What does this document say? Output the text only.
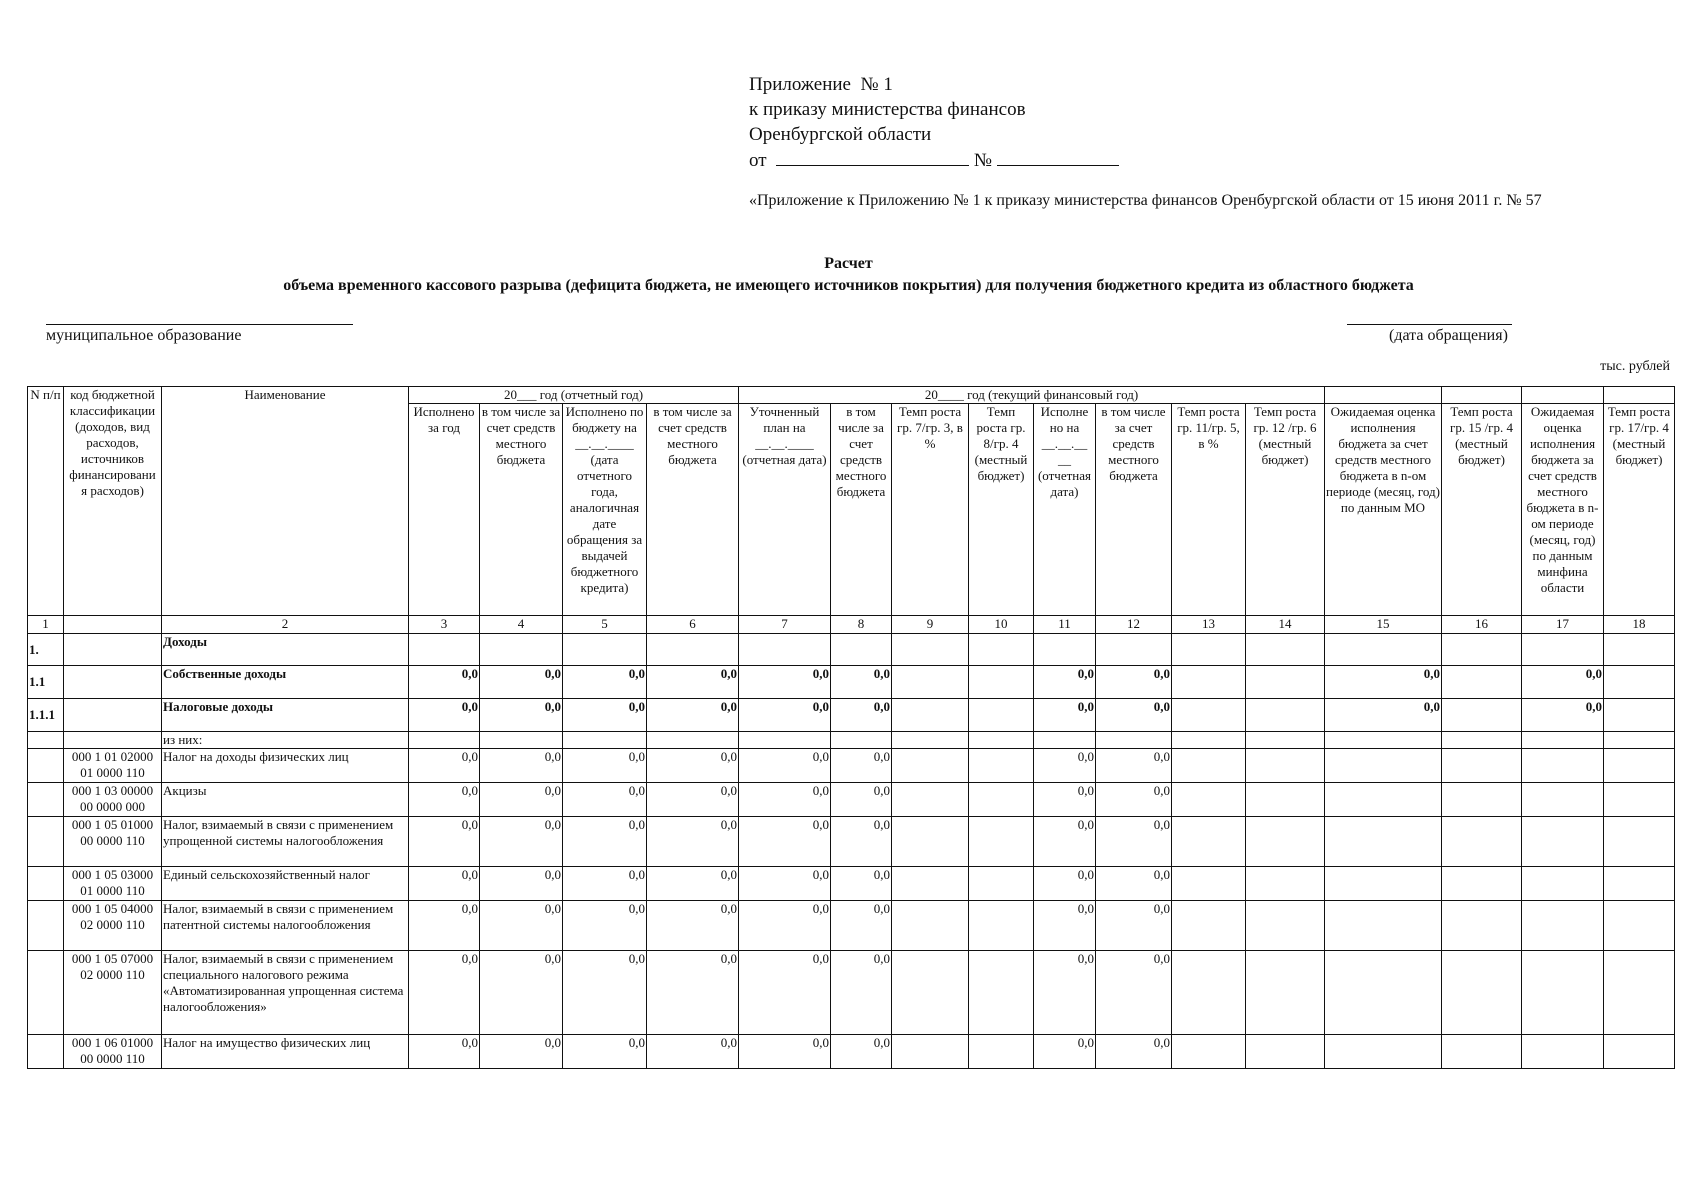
Приложение  № 1
к приказу министерства финансов
Оренбургской области
от	№
«Приложение к Приложению № 1 к приказу министерства финансов Оренбургской области от 15 июня 2011 г. № 57
Расчет
объема временного кассового разрыва (дефицита бюджета, не имеющего источников покрытия) для получения бюджетного кредита из областного бюджета
муниципальное образование	(дата обращения)
тыс. рублей
N п/п	код бюджетной классификации (доходов, вид расходов, источников финансировани я расходов)	Наименование	20___ год (отчетный год)				20____ год (текущий финансовый год)											
			Исполнено за год	в том числе за счет средств местного бюджета	Исполнено по бюджету на __.__.____ (дата отчетного года, аналогичная дате обращения за выдачей бюджетного кредита)	в том числе за счет средств местного бюджета	Уточненный план на __.__.____ (отчетная дата)	в том числе за счет средств местного бюджета	Темп роста гр. 7/гр. 3, в %	Темп роста гр. 8/гр. 4 (местный бюджет)	Исполне но на __.__.__ __ (отчетная дата)	в том числе за счет средств местного бюджета	Темп роста гр. 11/гр. 5, в %	Темп роста гр. 12 /гр. 6 (местный бюджет)	Ожидаемая оценка исполнения бюджета за счет средств местного бюджета в n-ом периоде (месяц, год) по данным МО	Темп роста гр. 15 /гр. 4 (местный бюджет)	Ожидаемая оценка исполнения бюджета за счет средств местного бюджета в n-ом периоде (месяц, год) по данным минфина области	Темп роста гр. 17/гр. 4 (местный бюджет)
1		2	3	4	5	6	7	8	9	10	11	12	13	14	15	16	17	18
1.		Доходы																
1.1		Собственные доходы	0,0	0,0	0,0	0,0	0,0	0,0			0,0	0,0			0,0		0,0	
1.1.1		Налоговые доходы	0,0	0,0	0,0	0,0	0,0	0,0			0,0	0,0			0,0		0,0	
		из них:																
	000 1 01 02000 01 0000 110	Налог на доходы физических лиц	0,0	0,0	0,0	0,0	0,0	0,0			0,0	0,0						
	000 1 03 00000 00 0000 000	Акцизы	0,0	0,0	0,0	0,0	0,0	0,0			0,0	0,0						
	000 1 05 01000 00 0000 110	Налог, взимаемый в связи с применением упрощенной системы налогообложения	0,0	0,0	0,0	0,0	0,0	0,0			0,0	0,0						
	000 1 05 03000 01 0000 110	Единый сельскохозяйственный налог	0,0	0,0	0,0	0,0	0,0	0,0			0,0	0,0						
	000 1 05 04000 02 0000 110	Налог, взимаемый в связи с применением патентной системы налогообложения	0,0	0,0	0,0	0,0	0,0	0,0			0,0	0,0						
	000 1 05 07000 02 0000 110	Налог, взимаемый в связи с применением специального налогового режима «Автоматизированная упрощенная система налогообложения»	0,0	0,0	0,0	0,0	0,0	0,0			0,0	0,0						
	000 1 06 01000 00 0000 110	Налог на имущество физических лиц	0,0	0,0	0,0	0,0	0,0	0,0			0,0	0,0						
